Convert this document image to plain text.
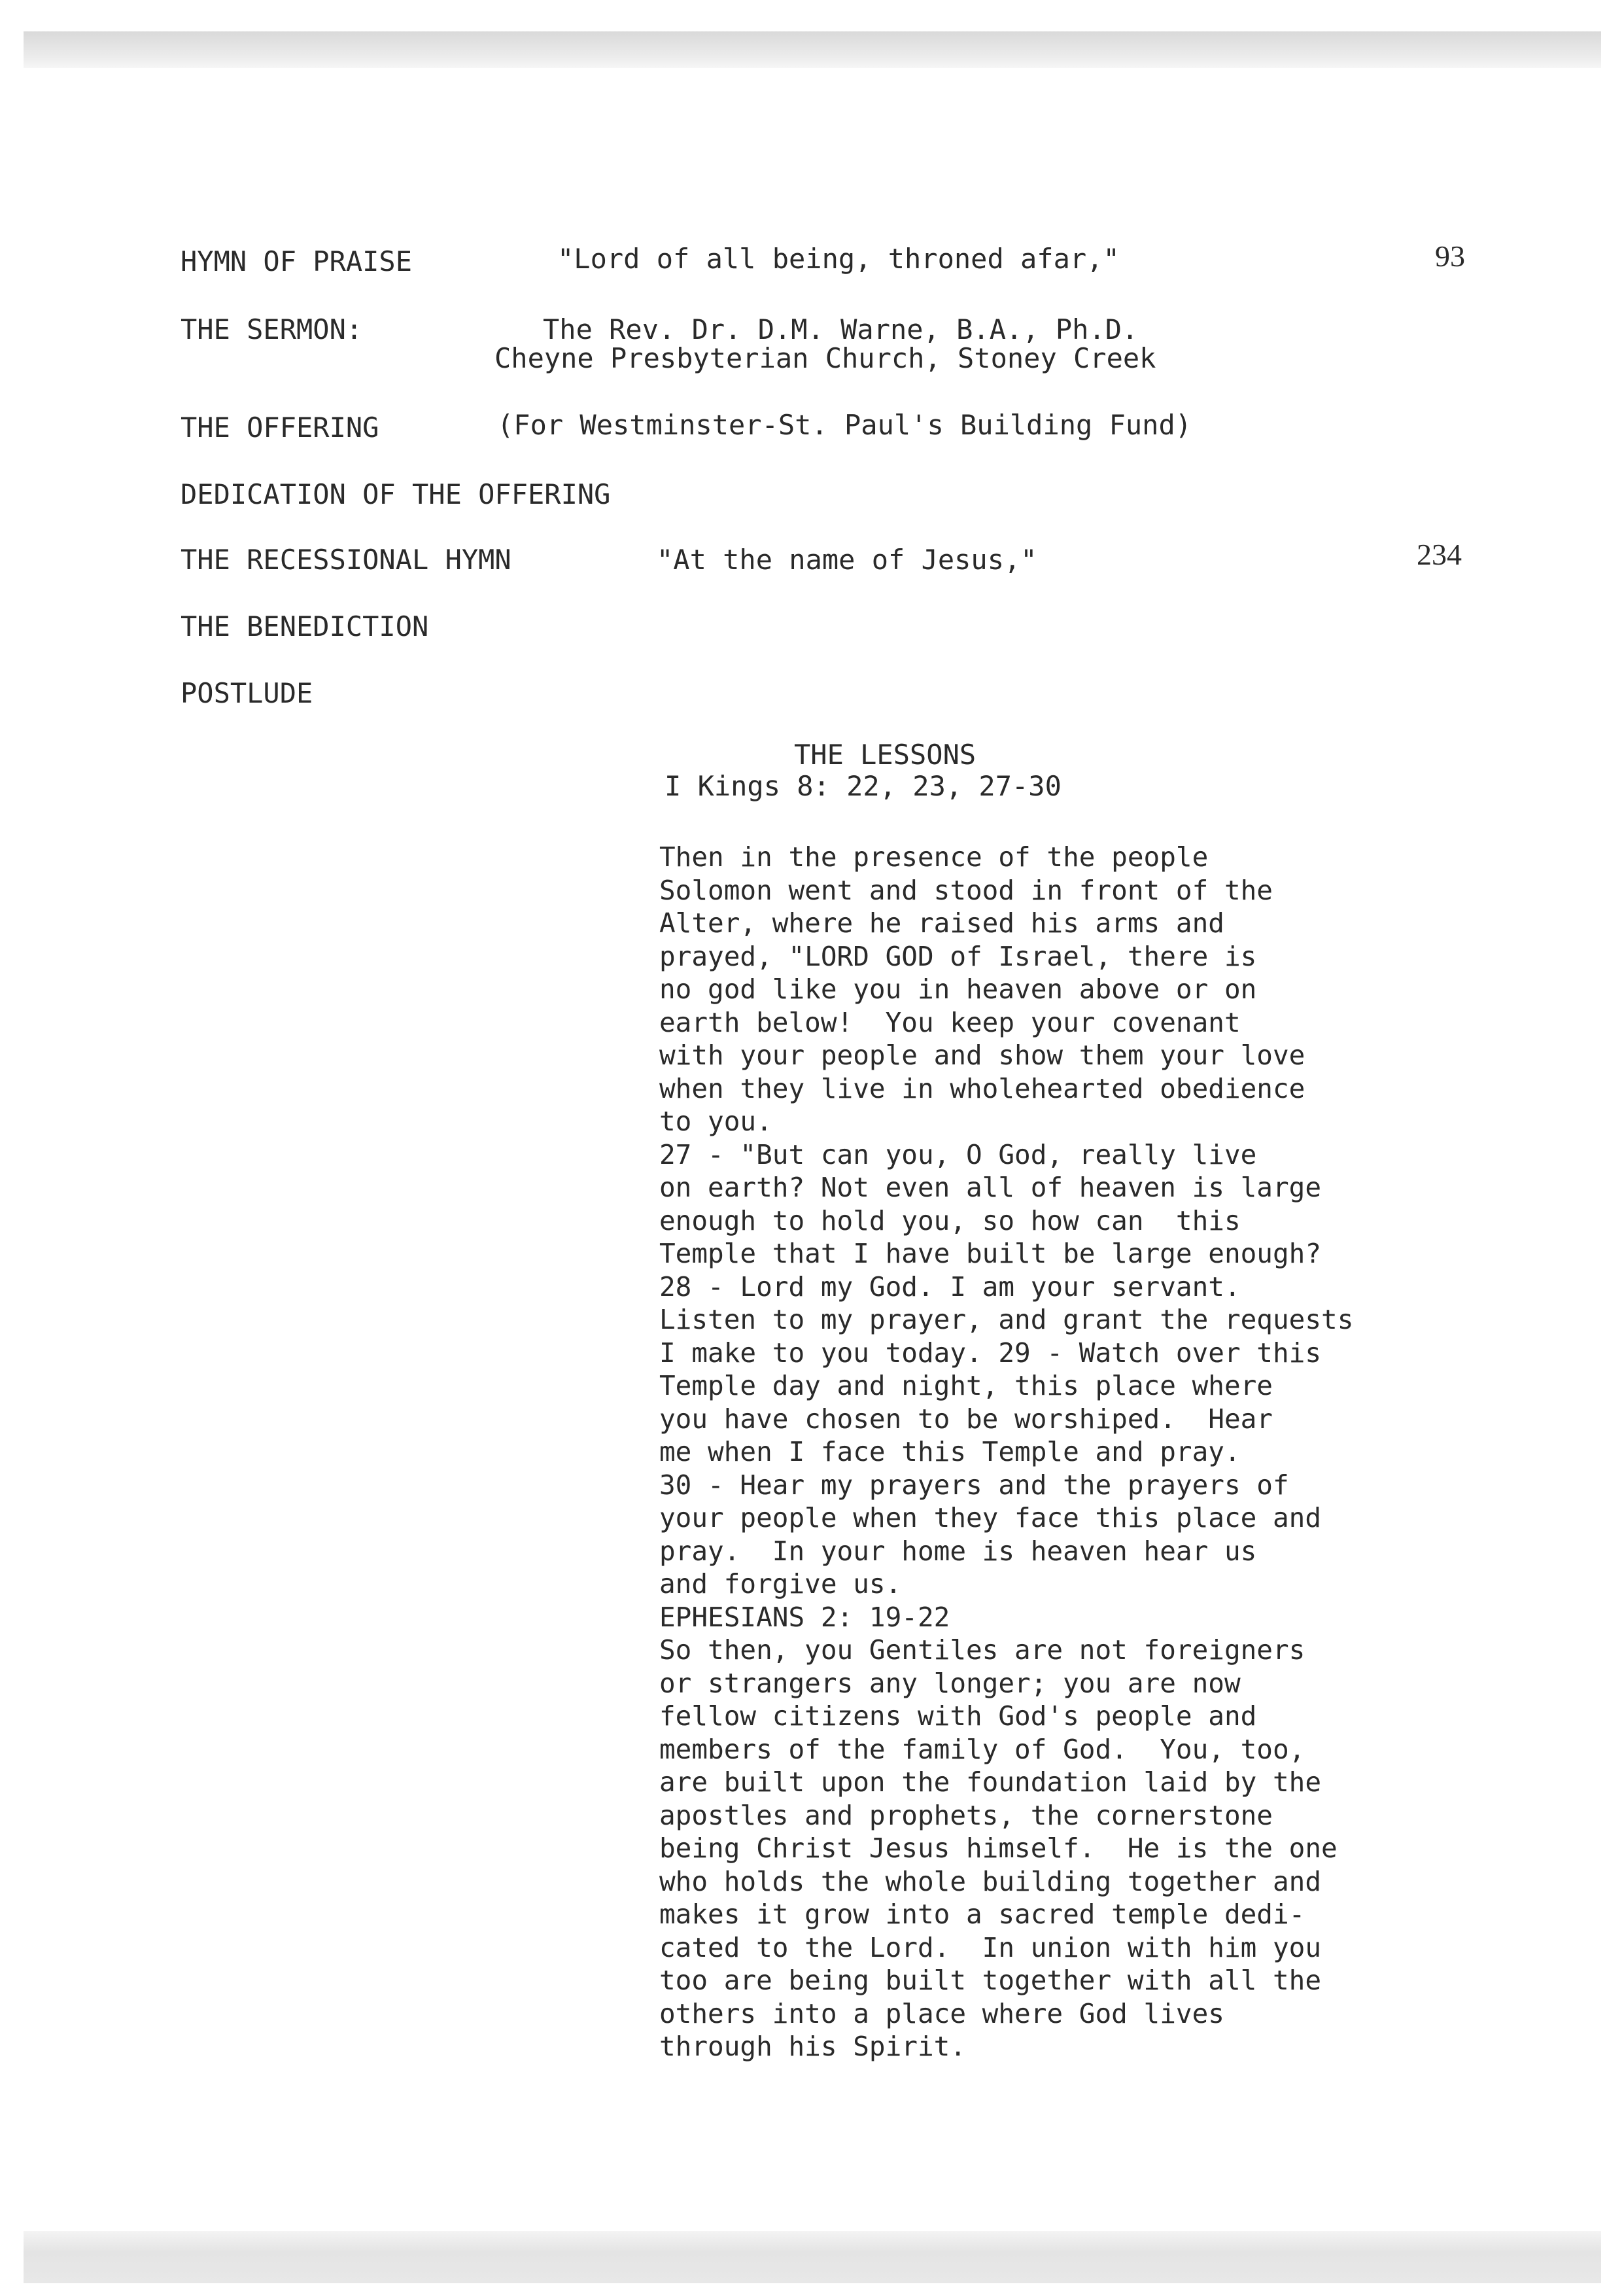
HYMN OF PRAISE	"Lord of all being, throned afar,"	93
THE SERMON:	The Rev. Dr. D.M. Warne, B.A., Ph.D.
Cheyne Presbyterian Church, Stoney Creek
THE OFFERING	(For Westminster-St. Paul's Building Fund)
DEDICATION OF THE OFFERING
THE RECESSIONAL HYMN	"At the name of Jesus,"	234
THE BENEDICTION
POSTLUDE
THE LESSONS
I Kings 8: 22, 23, 27-30
Then in the presence of the people
Solomon went and stood in front of the
Alter, where he raised his arms and
prayed, "LORD GOD of Israel, there is
no god like you in heaven above or on
earth below!  You keep your covenant
with your people and show them your love
when they live in wholehearted obedience
to you.
27 - "But can you, O God, really live
on earth? Not even all of heaven is large
enough to hold you, so how can  this
Temple that I have built be large enough?
28 - Lord my God. I am your servant.
Listen to my prayer, and grant the requests
I make to you today. 29 - Watch over this
Temple day and night, this place where
you have chosen to be worshiped.  Hear
me when I face this Temple and pray.
30 - Hear my prayers and the prayers of
your people when they face this place and
pray.  In your home is heaven hear us
and forgive us.
EPHESIANS 2: 19-22
So then, you Gentiles are not foreigners
or strangers any longer; you are now
fellow citizens with God's people and
members of the family of God.  You, too,
are built upon the foundation laid by the
apostles and prophets, the cornerstone
being Christ Jesus himself.  He is the one
who holds the whole building together and
makes it grow into a sacred temple dedi-
cated to the Lord.  In union with him you
too are being built together with all the
others into a place where God lives
through his Spirit.
